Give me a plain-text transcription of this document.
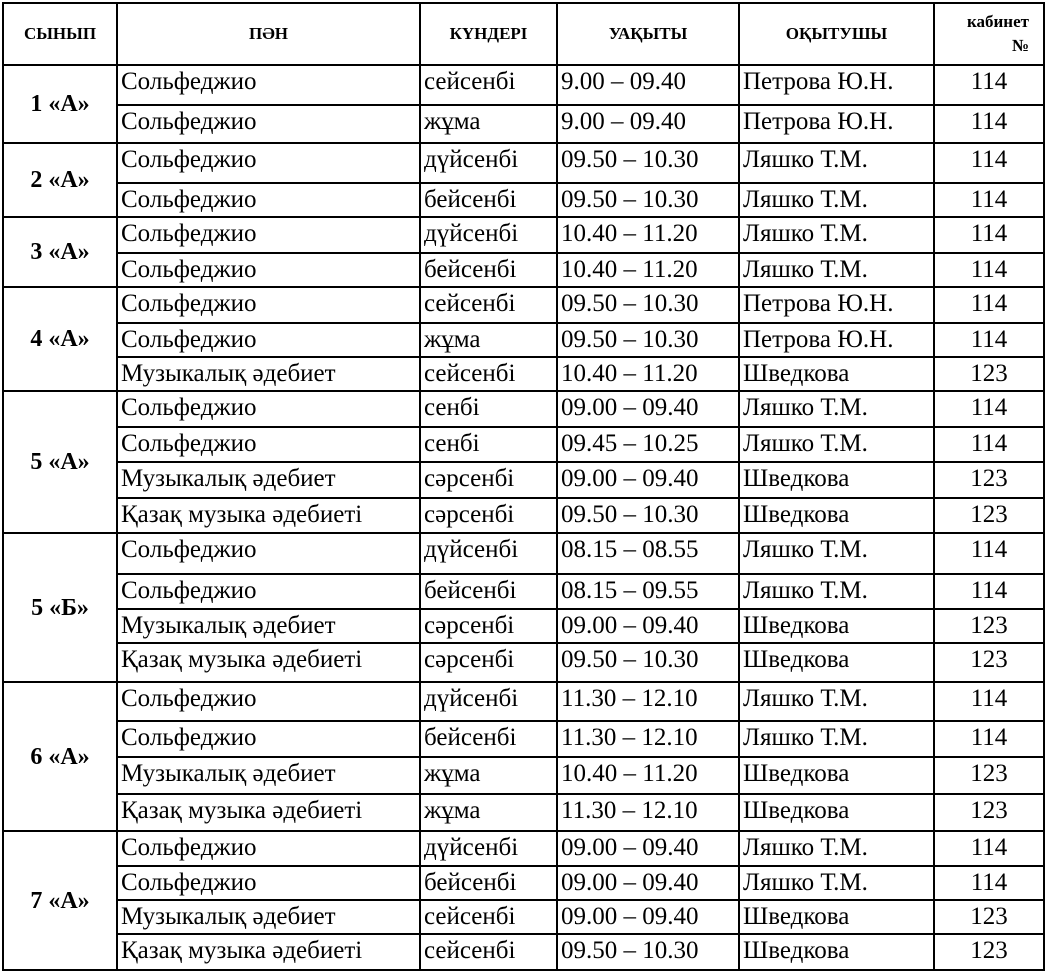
СЫНЫП	ПӘН	КҮНДЕРІ	УАҚЫТЫ	ОҚЫТУШЫ	кабинет
№

1 «А»	Сольфеджио	сейсенбі	9.00 – 09.40	Петрова Ю.Н.	114
	Сольфеджио	жұма	9.00 – 09.40	Петрова Ю.Н.	114
2 «А»	Сольфеджио	дүйсенбі	09.50 – 10.30	Ляшко Т.М.	114
	Сольфеджио	бейсенбі	09.50 – 10.30	Ляшко Т.М.	114
3 «А»	Сольфеджио	дүйсенбі	10.40 – 11.20	Ляшко Т.М.	114
	Сольфеджио	бейсенбі	10.40 – 11.20	Ляшко Т.М.	114
4 «А»	Сольфеджио	сейсенбі	09.50 – 10.30	Петрова Ю.Н.	114
	Сольфеджио	жұма	09.50 – 10.30	Петрова Ю.Н.	114
	Музыкалық әдебиет	сейсенбі	10.40 – 11.20	Шведкова	123
5 «А»	Сольфеджио	сенбі	09.00 – 09.40	Ляшко Т.М.	114
	Сольфеджио	сенбі	09.45 – 10.25	Ляшко Т.М.	114
	Музыкалық әдебиет	сәрсенбі	09.00 – 09.40	Шведкова	123
	Қазақ музыка әдебиеті	сәрсенбі	09.50 – 10.30	Шведкова	123
5 «Б»	Сольфеджио	дүйсенбі	08.15 – 08.55	Ляшко Т.М.	114
	Сольфеджио	бейсенбі	08.15 – 09.55	Ляшко Т.М.	114
	Музыкалық әдебиет	сәрсенбі	09.00 – 09.40	Шведкова	123
	Қазақ музыка әдебиеті	сәрсенбі	09.50 – 10.30	Шведкова	123
6 «А»	Сольфеджио	дүйсенбі	11.30 – 12.10	Ляшко Т.М.	114
	Сольфеджио	бейсенбі	11.30 – 12.10	Ляшко Т.М.	114
	Музыкалық әдебиет	жұма	10.40 – 11.20	Шведкова	123
	Қазақ музыка әдебиеті	жұма	11.30 – 12.10	Шведкова	123
7 «А»	Сольфеджио	дүйсенбі	09.00 – 09.40	Ляшко Т.М.	114
	Сольфеджио	бейсенбі	09.00 – 09.40	Ляшко Т.М.	114
	Музыкалық әдебиет	сейсенбі	09.00 – 09.40	Шведкова	123
	Қазақ музыка әдебиеті	сейсенбі	09.50 – 10.30	Шведкова	123
